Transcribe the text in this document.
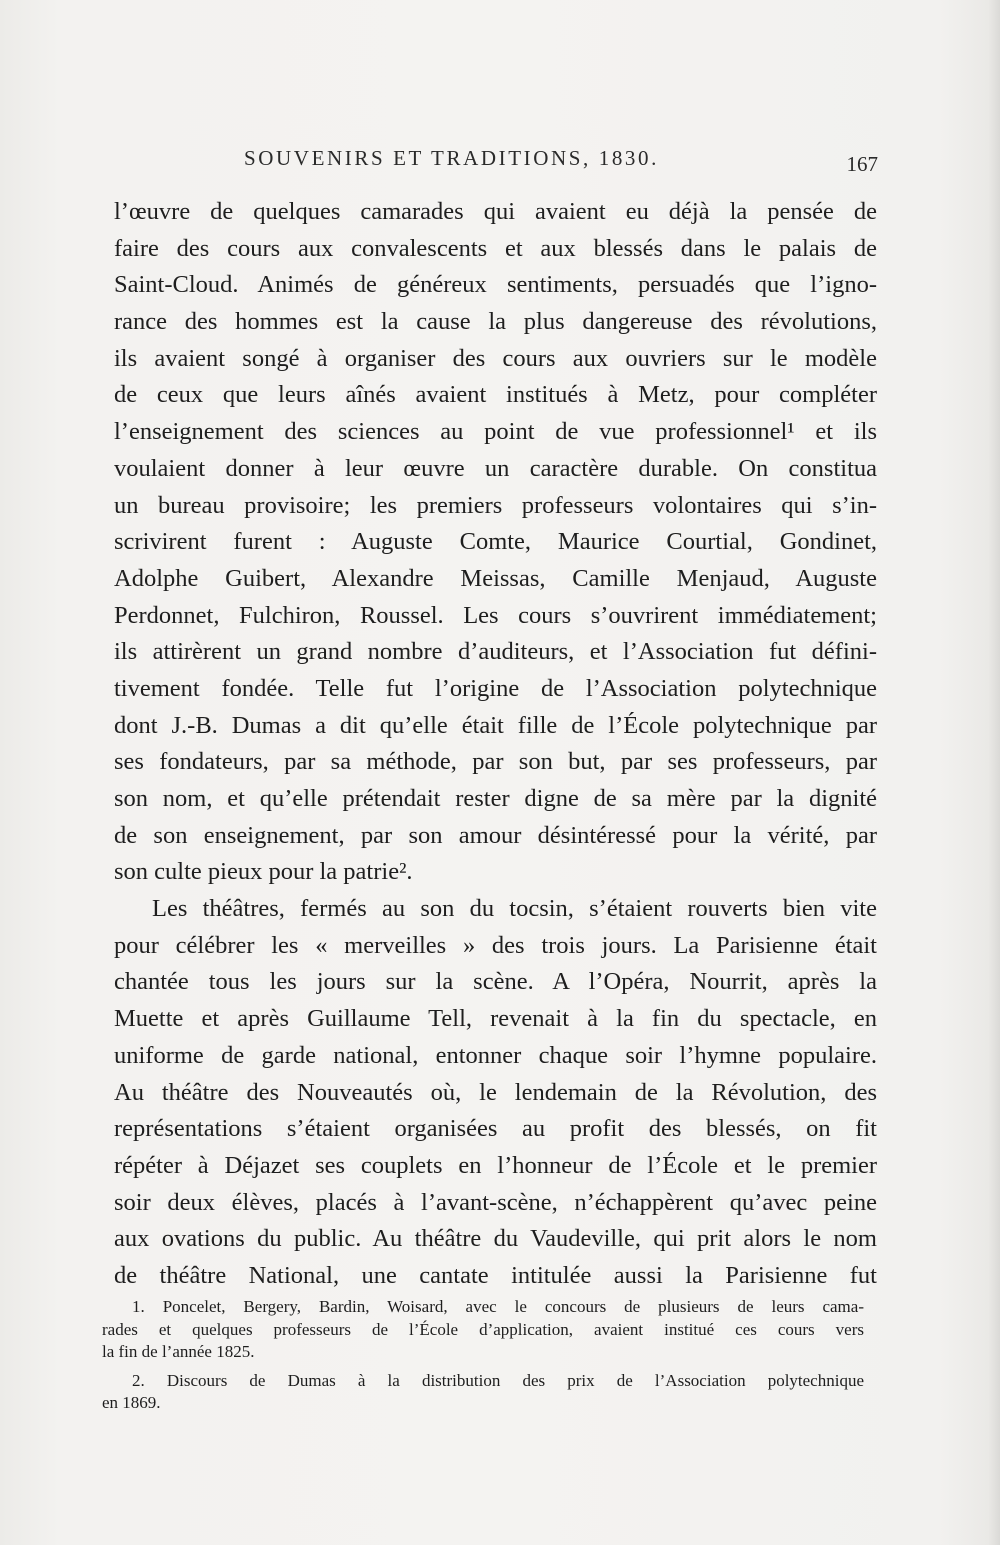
SOUVENIRS ET TRADITIONS, 1830.	167
l’œuvre de quelques camarades qui avaient eu déjà la pensée de
faire des cours aux convalescents et aux blessés dans le palais de
Saint-Cloud. Animés de généreux sentiments, persuadés que l’igno-
rance des hommes est la cause la plus dangereuse des révolutions,
ils avaient songé à organiser des cours aux ouvriers sur le modèle
de ceux que leurs aînés avaient institués à Metz, pour compléter
l’enseignement des sciences au point de vue professionnel¹ et ils
voulaient donner à leur œuvre un caractère durable. On constitua
un bureau provisoire; les premiers professeurs volontaires qui s’in-
scrivirent furent : Auguste Comte, Maurice Courtial, Gondinet,
Adolphe Guibert, Alexandre Meissas, Camille Menjaud, Auguste
Perdonnet, Fulchiron, Roussel. Les cours s’ouvrirent immédiatement;
ils attirèrent un grand nombre d’auditeurs, et l’Association fut défini-
tivement fondée. Telle fut l’origine de l’Association polytechnique
dont J.-B. Dumas a dit qu’elle était fille de l’École polytechnique par
ses fondateurs, par sa méthode, par son but, par ses professeurs, par
son nom, et qu’elle prétendait rester digne de sa mère par la dignité
de son enseignement, par son amour désintéressé pour la vérité, par
son culte pieux pour la patrie².
Les théâtres, fermés au son du tocsin, s’étaient rouverts bien vite
pour célébrer les « merveilles » des trois jours. La Parisienne était
chantée tous les jours sur la scène. A l’Opéra, Nourrit, après la
Muette et après Guillaume Tell, revenait à la fin du spectacle, en
uniforme de garde national, entonner chaque soir l’hymne populaire.
Au théâtre des Nouveautés où, le lendemain de la Révolution, des
représentations s’étaient organisées au profit des blessés, on fit
répéter à Déjazet ses couplets en l’honneur de l’École et le premier
soir deux élèves, placés à l’avant-scène, n’échappèrent qu’avec peine
aux ovations du public. Au théâtre du Vaudeville, qui prit alors le nom
de théâtre National, une cantate intitulée aussi la Parisienne fut
1. Poncelet, Bergery, Bardin, Woisard, avec le concours de plusieurs de leurs cama-
rades et quelques professeurs de l’École d’application, avaient institué ces cours vers
la fin de l’année 1825.
2. Discours de Dumas à la distribution des prix de l’Association polytechnique
en 1869.
